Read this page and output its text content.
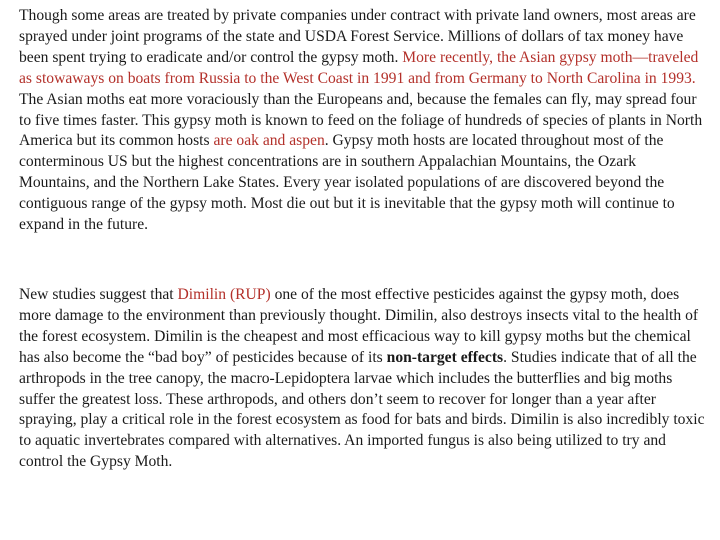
Though some areas are treated by private companies under contract with private land owners, most areas are sprayed under joint programs of the state and USDA Forest Service. Millions of dollars of tax money have been spent trying to eradicate and/or control the gypsy moth. More recently, the Asian gypsy moth—traveled as stowaways on boats from Russia to the West Coast in 1991 and from Germany to North Carolina in 1993. The Asian moths eat more voraciously than the Europeans and, because the females can fly, may spread four to five times faster. This gypsy moth is known to feed on the foliage of hundreds of species of plants in North America but its common hosts are oak and aspen. Gypsy moth hosts are located throughout most of the conterminous US but the highest concentrations are in southern Appalachian Mountains, the Ozark Mountains, and the Northern Lake States. Every year isolated populations of are discovered beyond the contiguous range of the gypsy moth. Most die out but it is inevitable that the gypsy moth will continue to expand in the future.

New studies suggest that Dimilin (RUP) one of the most effective pesticides against the gypsy moth, does more damage to the environment than previously thought. Dimilin, also destroys insects vital to the health of the forest ecosystem. Dimilin is the cheapest and most efficacious way to kill gypsy moths but the chemical has also become the “bad boy” of pesticides because of its non-target effects. Studies indicate that of all the arthropods in the tree canopy, the macro-Lepidoptera larvae which includes the butterflies and big moths suffer the greatest loss. These arthropods, and others don’t seem to recover for longer than a year after spraying, play a critical role in the forest ecosystem as food for bats and birds. Dimilin is also incredibly toxic to aquatic invertebrates compared with alternatives. An imported fungus is also being utilized to try and control the Gypsy Moth.
